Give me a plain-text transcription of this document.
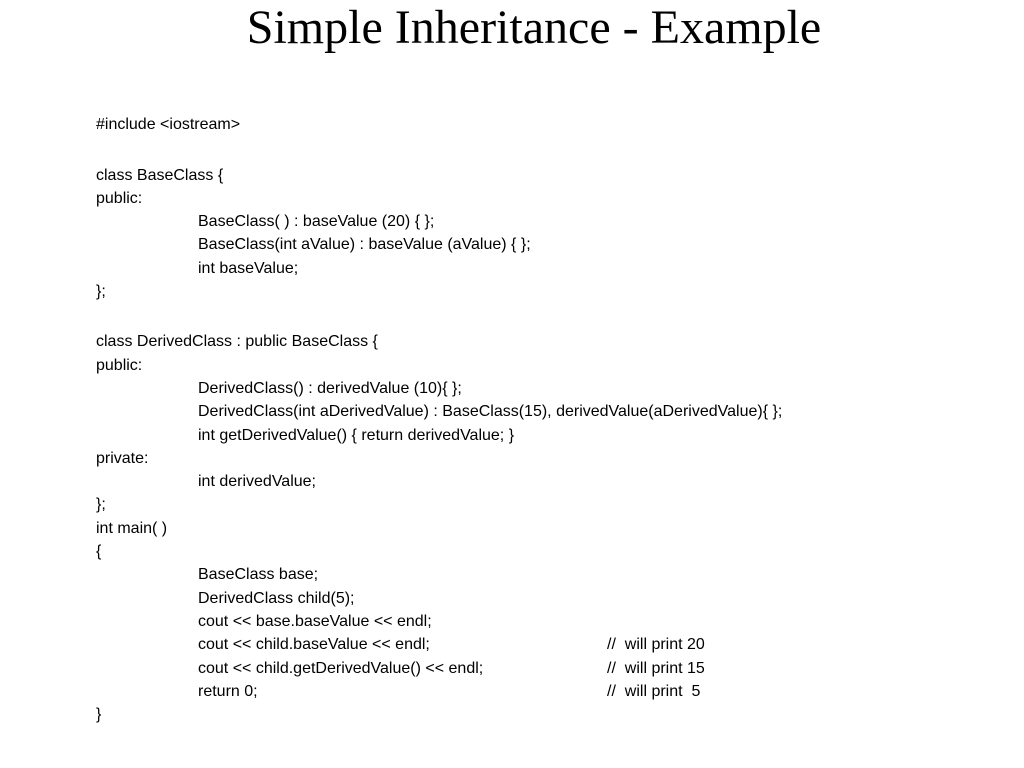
Simple Inheritance - Example

#include <iostream>

class BaseClass {

public:

BaseClass( ) : baseValue (20) { };

BaseClass(int aValue) : baseValue (aValue) { };

int baseValue;

};

class DerivedClass : public BaseClass {

public:

DerivedClass() : derivedValue (10){ };

DerivedClass(int aDerivedValue) : BaseClass(15), derivedValue(aDerivedValue){ };

int getDerivedValue() { return derivedValue; }

private:

int derivedValue;

};

int main( )

{

BaseClass base;

DerivedClass child(5);

cout << base.baseValue << endl;

//  will print 20

cout << child.baseValue << endl;

//  will print 15

cout << child.getDerivedValue() << endl;

//  will print  5

return 0;

}
